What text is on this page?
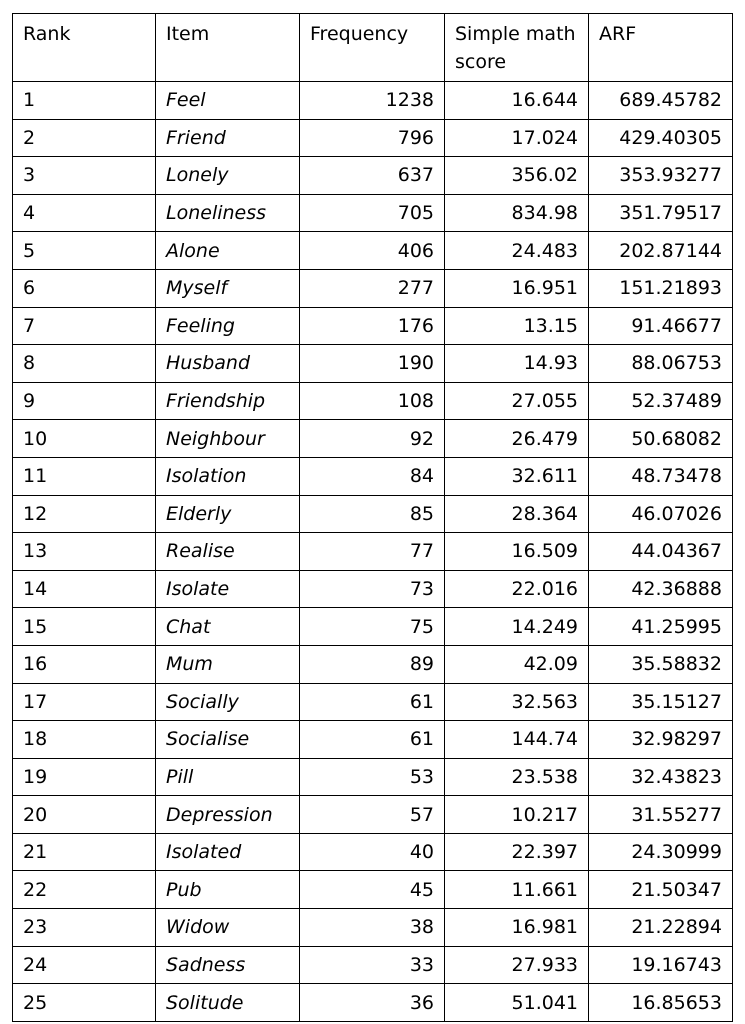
Rank	Item	Frequency	Simple math score	ARF
1	Feel	1238	16.644	689.45782
2	Friend	796	17.024	429.40305
3	Lonely	637	356.02	353.93277
4	Loneliness	705	834.98	351.79517
5	Alone	406	24.483	202.87144
6	Myself	277	16.951	151.21893
7	Feeling	176	13.15	91.46677
8	Husband	190	14.93	88.06753
9	Friendship	108	27.055	52.37489
10	Neighbour	92	26.479	50.68082
11	Isolation	84	32.611	48.73478
12	Elderly	85	28.364	46.07026
13	Realise	77	16.509	44.04367
14	Isolate	73	22.016	42.36888
15	Chat	75	14.249	41.25995
16	Mum	89	42.09	35.58832
17	Socially	61	32.563	35.15127
18	Socialise	61	144.74	32.98297
19	Pill	53	23.538	32.43823
20	Depression	57	10.217	31.55277
21	Isolated	40	22.397	24.30999
22	Pub	45	11.661	21.50347
23	Widow	38	16.981	21.22894
24	Sadness	33	27.933	19.16743
25	Solitude	36	51.041	16.85653
